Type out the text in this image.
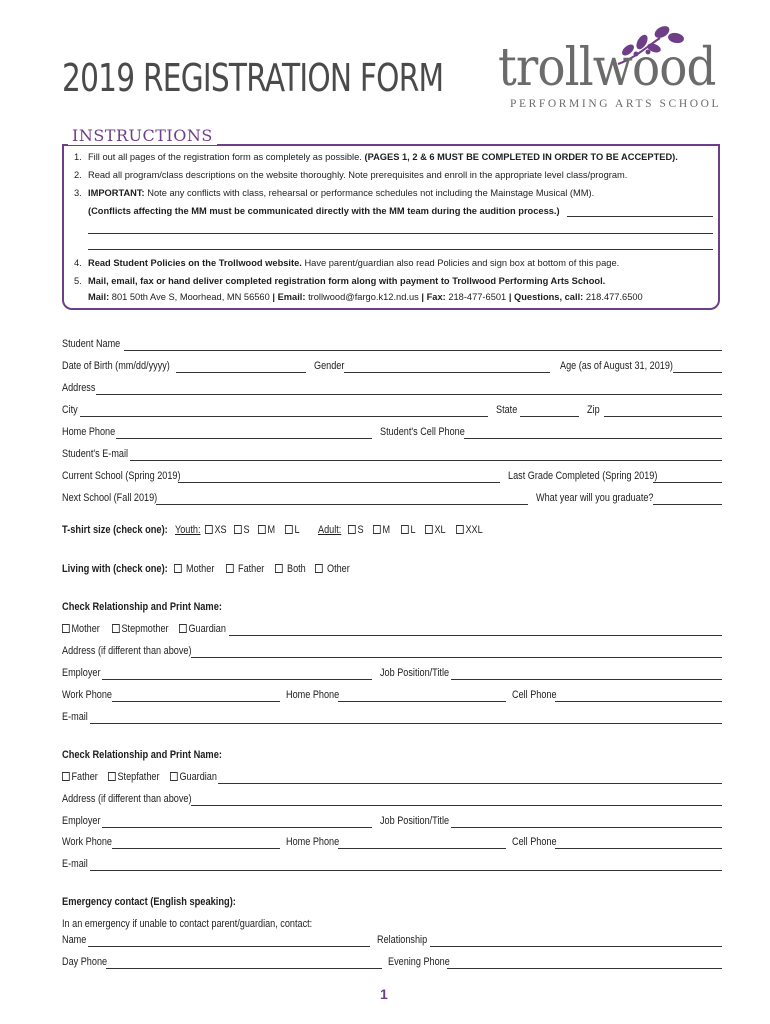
2019 REGISTRATION FORM trollwood
PERFORMING ARTS SCHOOL
INSTRUCTIONS
1. Fill out all pages of the registration form as completely as possible. (PAGES 1, 2 & 6 MUST BE COMPLETED IN ORDER TO BE ACCEPTED).
2. Read all program/class descriptions on the website thoroughly. Note prerequisites and enroll in the appropriate level class/program.
3. IMPORTANT: Note any conflicts with class, rehearsal or performance schedules not including the Mainstage Musical (MM).
(Conflicts affecting the MM must be communicated directly with the MM team during the audition process.)
4. Read Student Policies on the Trollwood website. Have parent/guardian also read Policies and sign box at bottom of this page.
5. Mail, email, fax or hand deliver completed registration form along with payment to Trollwood Performing Arts School.
Mail: 801 50th Ave S, Moorhead, MN 56560 | Email: trollwood@fargo.k12.nd.us | Fax: 218-477-6501 | Questions, call: 218.477.6500
Student Name
Date of Birth (mm/dd/yyyy)	Gender	Age (as of August 31, 2019)
Address
City	State	Zip
Home Phone	Student's Cell Phone
Student's E-mail
Current School (Spring 2019)	Last Grade Completed (Spring 2019)
Next School (Fall 2019)	What year will you graduate?
T-shirt size (check one): Youth:	XS	S	M	L Adult:	S	M	L	XL	XXL
Living with (check one):	Mother	Father	Both	Other
Check Relationship and Print Name:
Mother	Stepmother	Guardian
Address (if different than above)
Employer	Job Position/Title
Work Phone	Home Phone	Cell Phone
E-mail
Check Relationship and Print Name:
Father	Stepfather	Guardian
Address (if different than above)
Employer	Job Position/Title
Work Phone	Home Phone	Cell Phone
E-mail
Emergency contact (English speaking):
In an emergency if unable to contact parent/guardian, contact:
Name	Relationship
Day Phone	Evening Phone
1
